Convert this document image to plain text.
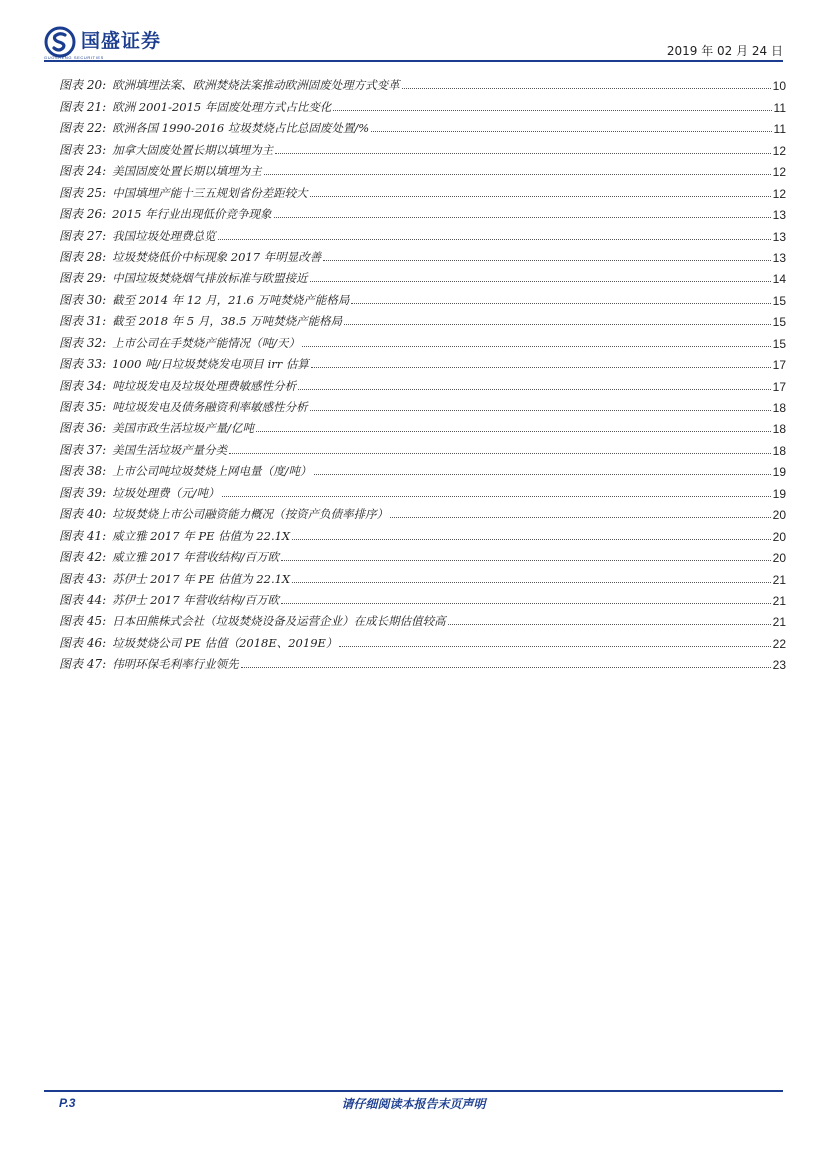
国盛证券
GUOSHENG SECURITIES	2019 年 02 月 24 日
图表 20: 欧洲填埋法案、欧洲焚烧法案推动欧洲固废处理方式变革	10
图表 21: 欧洲 2001-2015 年固废处理方式占比变化	11
图表 22: 欧洲各国 1990-2016 垃圾焚烧占比总固废处置/%	11
图表 23: 加拿大固废处置长期以填埋为主	12
图表 24: 美国固废处置长期以填埋为主	12
图表 25: 中国填埋产能十三五规划省份差距较大	12
图表 26: 2015 年行业出现低价竞争现象	13
图表 27: 我国垃圾处理费总览	13
图表 28: 垃圾焚烧低价中标现象 2017 年明显改善	13
图表 29: 中国垃圾焚烧烟气排放标准与欧盟接近	14
图表 30: 截至 2014 年 12 月，21.6 万吨焚烧产能格局	15
图表 31: 截至 2018 年 5 月，38.5 万吨焚烧产能格局	15
图表 32: 上市公司在手焚烧产能情况（吨/天）	15
图表 33: 1000 吨/日垃圾焚烧发电项目 irr 估算	17
图表 34: 吨垃圾发电及垃圾处理费敏感性分析	17
图表 35: 吨垃圾发电及债务融资利率敏感性分析	18
图表 36: 美国市政生活垃圾产量/亿吨	18
图表 37: 美国生活垃圾产量分类	18
图表 38: 上市公司吨垃圾焚烧上网电量（度/吨）	19
图表 39: 垃圾处理费（元/吨）	19
图表 40: 垃圾焚烧上市公司融资能力概况（按资产负债率排序）	20
图表 41: 威立雅 2017 年 PE 估值为 22.1X	20
图表 42: 威立雅 2017 年营收结构/百万欧	20
图表 43: 苏伊士 2017 年 PE 估值为 22.1X	21
图表 44: 苏伊士 2017 年营收结构/百万欧	21
图表 45: 日本田熊株式会社（垃圾焚烧设备及运营企业）在成长期估值较高	21
图表 46: 垃圾焚烧公司 PE 估值（2018E、2019E）	22
图表 47: 伟明环保毛利率行业领先	23
P.3	请仔细阅读本报告末页声明
